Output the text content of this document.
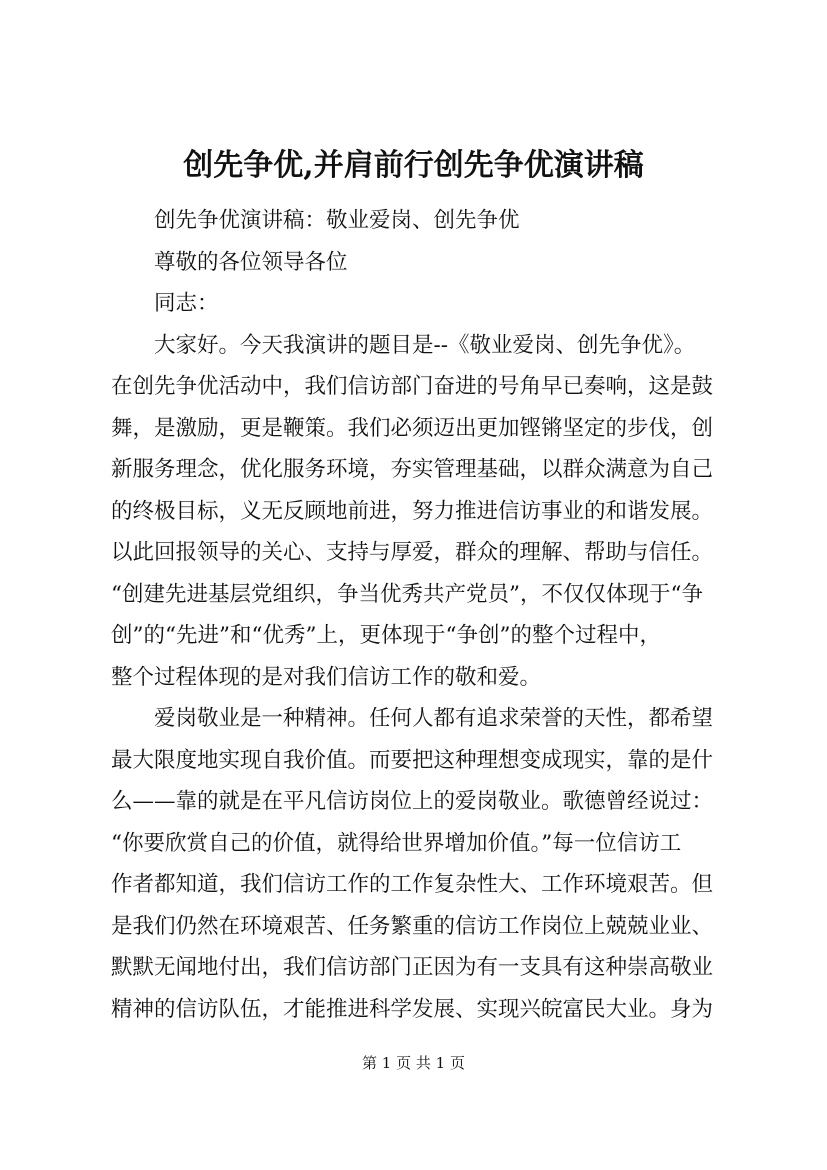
创先争优,并肩前行创先争优演讲稿
创先争优演讲稿：敬业爱岗、创先争优
尊敬的各位领导各位
同志：
大家好。今天我演讲的题目是--《敬业爱岗、创先争优》。
在创先争优活动中，我们信访部门奋进的号角早已奏响，这是鼓
舞，是激励，更是鞭策。我们必须迈出更加铿锵坚定的步伐，创
新服务理念，优化服务环境，夯实管理基础，以群众满意为自己
的终极目标，义无反顾地前进，努力推进信访事业的和谐发展。
以此回报领导的关心、支持与厚爱，群众的理解、帮助与信任。
“创建先进基层党组织，争当优秀共产党员”，不仅仅体现于“争
创”的“先进”和“优秀”上，更体现于“争创”的整个过程中，
整个过程体现的是对我们信访工作的敬和爱。
爱岗敬业是一种精神。任何人都有追求荣誉的天性，都希望
最大限度地实现自我价值。而要把这种理想变成现实，靠的是什
么——靠的就是在平凡信访岗位上的爱岗敬业。歌德曾经说过：
“你要欣赏自己的价值，就得给世界增加价值。”每一位信访工
作者都知道，我们信访工作的工作复杂性大、工作环境艰苦。但
是我们仍然在环境艰苦、任务繁重的信访工作岗位上兢兢业业、
默默无闻地付出，我们信访部门正因为有一支具有这种崇高敬业
精神的信访队伍，才能推进科学发展、实现兴皖富民大业。身为
第 1 页 共 1 页
